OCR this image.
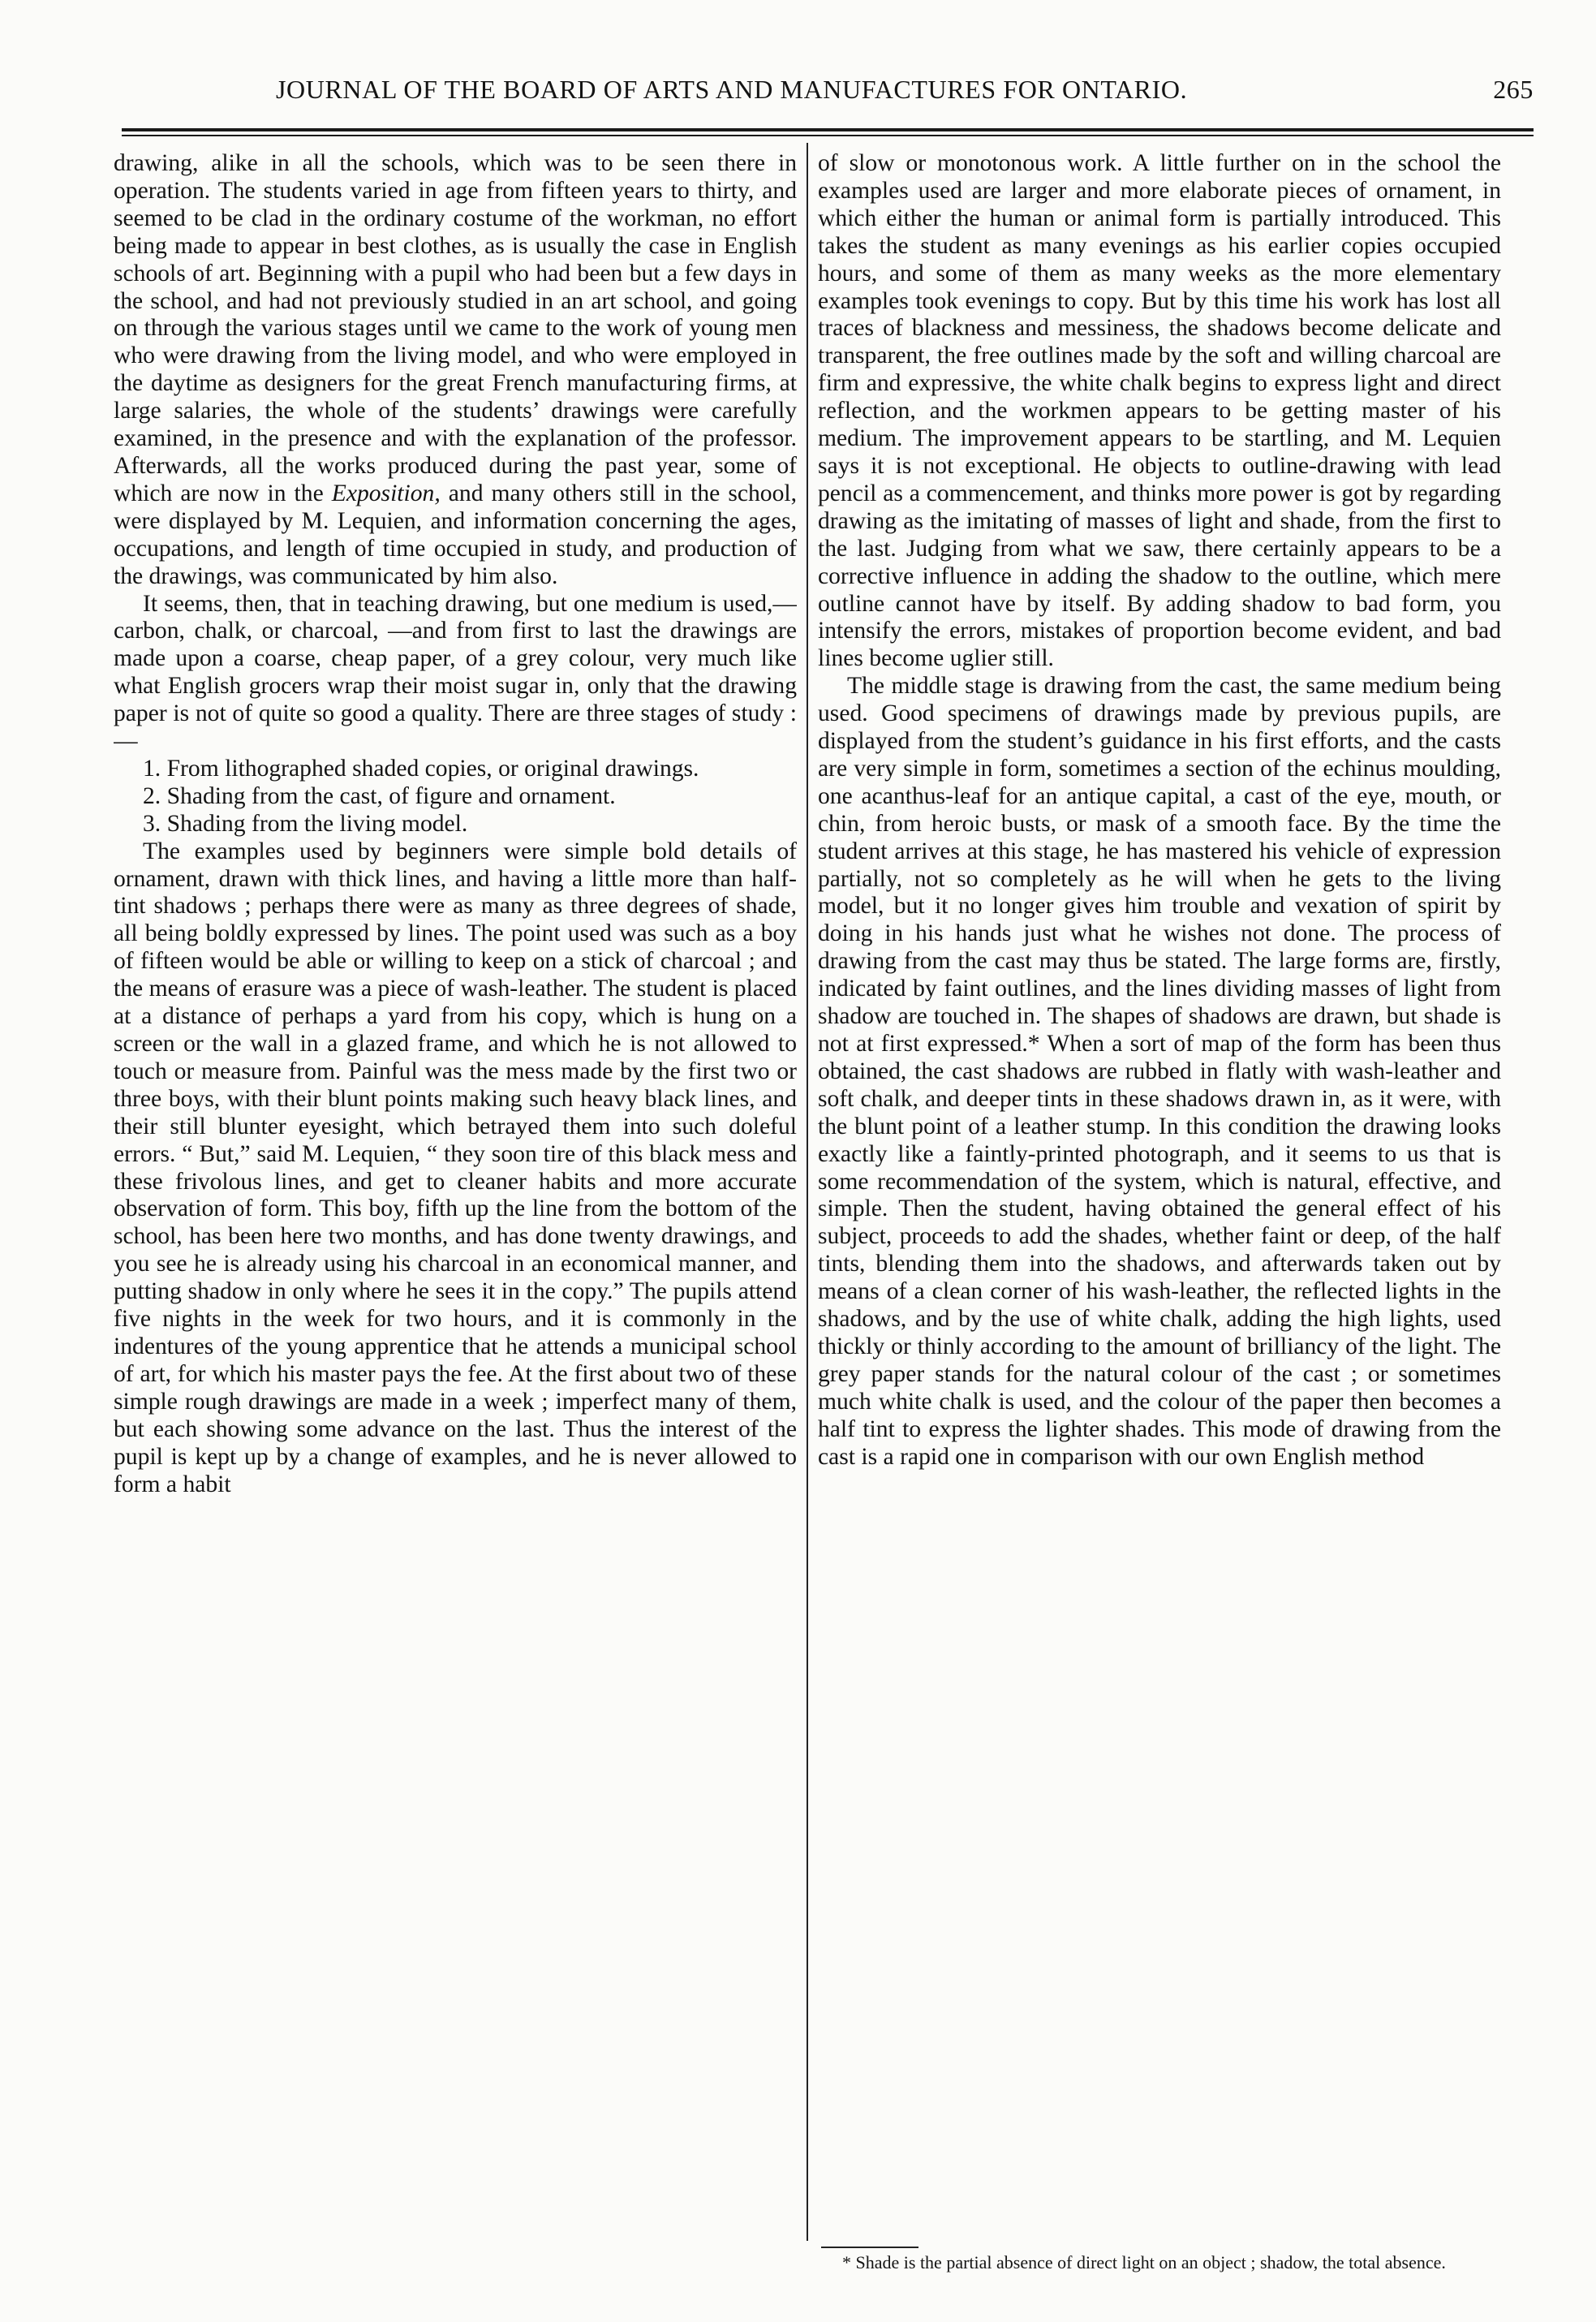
JOURNAL OF THE BOARD OF ARTS AND MANUFACTURES FOR ONTARIO.	265

drawing, alike in all the schools, which was to be seen there in operation. The students varied in age from fifteen years to thirty, and seemed to be clad in the ordinary costume of the workman, no effort being made to appear in best clothes, as is usually the case in English schools of art. Beginning with a pupil who had been but a few days in the school, and had not previously studied in an art school, and going on through the various stages until we came to the work of young men who were drawing from the living model, and who were employed in the daytime as designers for the great French manufacturing firms, at large salaries, the whole of the students’ drawings were carefully examined, in the presence and with the explanation of the professor. Afterwards, all the works produced during the past year, some of which are now in the Exposition, and many others still in the school, were displayed by M. Lequien, and information concerning the ages, occupations, and length of time occupied in study, and production of the drawings, was communicated by him also.

It seems, then, that in teaching drawing, but one medium is used,—carbon, chalk, or charcoal, —and from first to last the drawings are made upon a coarse, cheap paper, of a grey colour, very much like what English grocers wrap their moist sugar in, only that the drawing paper is not of quite so good a quality. There are three stages of study :—

1. From lithographed shaded copies, or original drawings.

2. Shading from the cast, of figure and ornament.

3. Shading from the living model.

The examples used by beginners were simple bold details of ornament, drawn with thick lines, and having a little more than half-tint shadows ; perhaps there were as many as three degrees of shade, all being boldly expressed by lines. The point used was such as a boy of fifteen would be able or willing to keep on a stick of charcoal ; and the means of erasure was a piece of wash-leather. The student is placed at a distance of perhaps a yard from his copy, which is hung on a screen or the wall in a glazed frame, and which he is not allowed to touch or measure from. Painful was the mess made by the first two or three boys, with their blunt points making such heavy black lines, and their still blunter eyesight, which betrayed them into such doleful errors. “ But,” said M. Lequien, “ they soon tire of this black mess and these frivolous lines, and get to cleaner habits and more accurate observation of form. This boy, fifth up the line from the bottom of the school, has been here two months, and has done twenty drawings, and you see he is already using his charcoal in an economical manner, and putting shadow in only where he sees it in the copy.” The pupils attend five nights in the week for two hours, and it is commonly in the indentures of the young apprentice that he attends a municipal school of art, for which his master pays the fee. At the first about two of these simple rough drawings are made in a week ; imperfect many of them, but each showing some advance on the last. Thus the interest of the pupil is kept up by a change of examples, and he is never allowed to form a habit

of slow or monotonous work. A little further on in the school the examples used are larger and more elaborate pieces of ornament, in which either the human or animal form is partially introduced. This takes the student as many evenings as his earlier copies occupied hours, and some of them as many weeks as the more elementary examples took evenings to copy. But by this time his work has lost all traces of blackness and messiness, the shadows become delicate and transparent, the free outlines made by the soft and willing charcoal are firm and expressive, the white chalk begins to express light and direct reflection, and the workmen appears to be getting master of his medium. The improvement appears to be startling, and M. Lequien says it is not exceptional. He objects to outline-drawing with lead pencil as a commencement, and thinks more power is got by regarding drawing as the imitating of masses of light and shade, from the first to the last. Judging from what we saw, there certainly appears to be a corrective influence in adding the shadow to the outline, which mere outline cannot have by itself. By adding shadow to bad form, you intensify the errors, mistakes of proportion become evident, and bad lines become uglier still.

The middle stage is drawing from the cast, the same medium being used. Good specimens of drawings made by previous pupils, are displayed from the student’s guidance in his first efforts, and the casts are very simple in form, sometimes a section of the echinus moulding, one acanthus-leaf for an antique capital, a cast of the eye, mouth, or chin, from heroic busts, or mask of a smooth face. By the time the student arrives at this stage, he has mastered his vehicle of expression partially, not so completely as he will when he gets to the living model, but it no longer gives him trouble and vexation of spirit by doing in his hands just what he wishes not done. The process of drawing from the cast may thus be stated. The large forms are, firstly, indicated by faint outlines, and the lines dividing masses of light from shadow are touched in. The shapes of shadows are drawn, but shade is not at first expressed.* When a sort of map of the form has been thus obtained, the cast shadows are rubbed in flatly with wash-leather and soft chalk, and deeper tints in these shadows drawn in, as it were, with the blunt point of a leather stump. In this condition the drawing looks exactly like a faintly-printed photograph, and it seems to us that is some recommendation of the system, which is natural, effective, and simple. Then the student, having obtained the general effect of his subject, proceeds to add the shades, whether faint or deep, of the half tints, blending them into the shadows, and afterwards taken out by means of a clean corner of his wash-leather, the reflected lights in the shadows, and by the use of white chalk, adding the high lights, used thickly or thinly according to the amount of brilliancy of the light. The grey paper stands for the natural colour of the cast ; or sometimes much white chalk is used, and the colour of the paper then becomes a half tint to express the lighter shades. This mode of drawing from the cast is a rapid one in comparison with our own English method

* Shade is the partial absence of direct light on an object ; shadow, the total absence.
